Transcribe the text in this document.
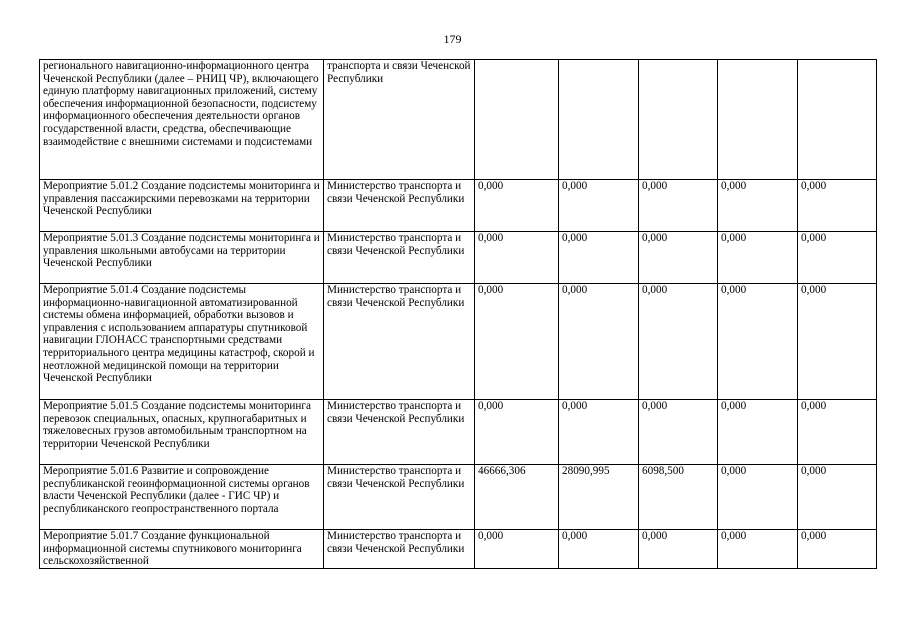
179
регионального навигационно-информационного центра Чеченской Республики (далее – РНИЦ ЧР), включающего единую платформу навигационных приложений, систему обеспечения информационной безопасности, подсистему информационного обеспечения деятельности органов государственной власти, средства, обеспечивающие взаимодействие с внешними системами и подсистемами	транспорта и связи Чеченской Республики					
Мероприятие 5.01.2 Создание подсистемы мониторинга и управления пассажирскими перевозками на территории Чеченской Республики	Министерство транспорта и связи Чеченской Республики	0,000	0,000	0,000	0,000	0,000
Мероприятие 5.01.3 Создание подсистемы мониторинга и управления школьными автобусами на территории Чеченской Республики	Министерство транспорта и связи Чеченской Республики	0,000	0,000	0,000	0,000	0,000
Мероприятие 5.01.4 Создание подсистемы информационно-навигационной автоматизированной системы обмена информацией, обработки вызовов и управления с использованием аппаратуры спутниковой навигации ГЛОНАСС транспортными средствами территориального центра медицины катастроф, скорой и неотложной медицинской помощи на территории Чеченской Республики	Министерство транспорта и связи Чеченской Республики	0,000	0,000	0,000	0,000	0,000
Мероприятие 5.01.5 Создание подсистемы мониторинга перевозок специальных, опасных, крупногабаритных и тяжеловесных грузов автомобильным транспортном на территории Чеченской Республики	Министерство транспорта и связи Чеченской Республики	0,000	0,000	0,000	0,000	0,000
Мероприятие 5.01.6 Развитие и сопровождение республиканской геоинформационной системы органов власти Чеченской Республики (далее - ГИС ЧР) и республиканского геопространственного портала	Министерство транспорта и связи Чеченской Республики	46666,306	28090,995	6098,500	0,000	0,000
Мероприятие 5.01.7 Создание функциональной информационной системы спутникового мониторинга сельскохозяйственной	Министерство транспорта и связи Чеченской Республики	0,000	0,000	0,000	0,000	0,000
